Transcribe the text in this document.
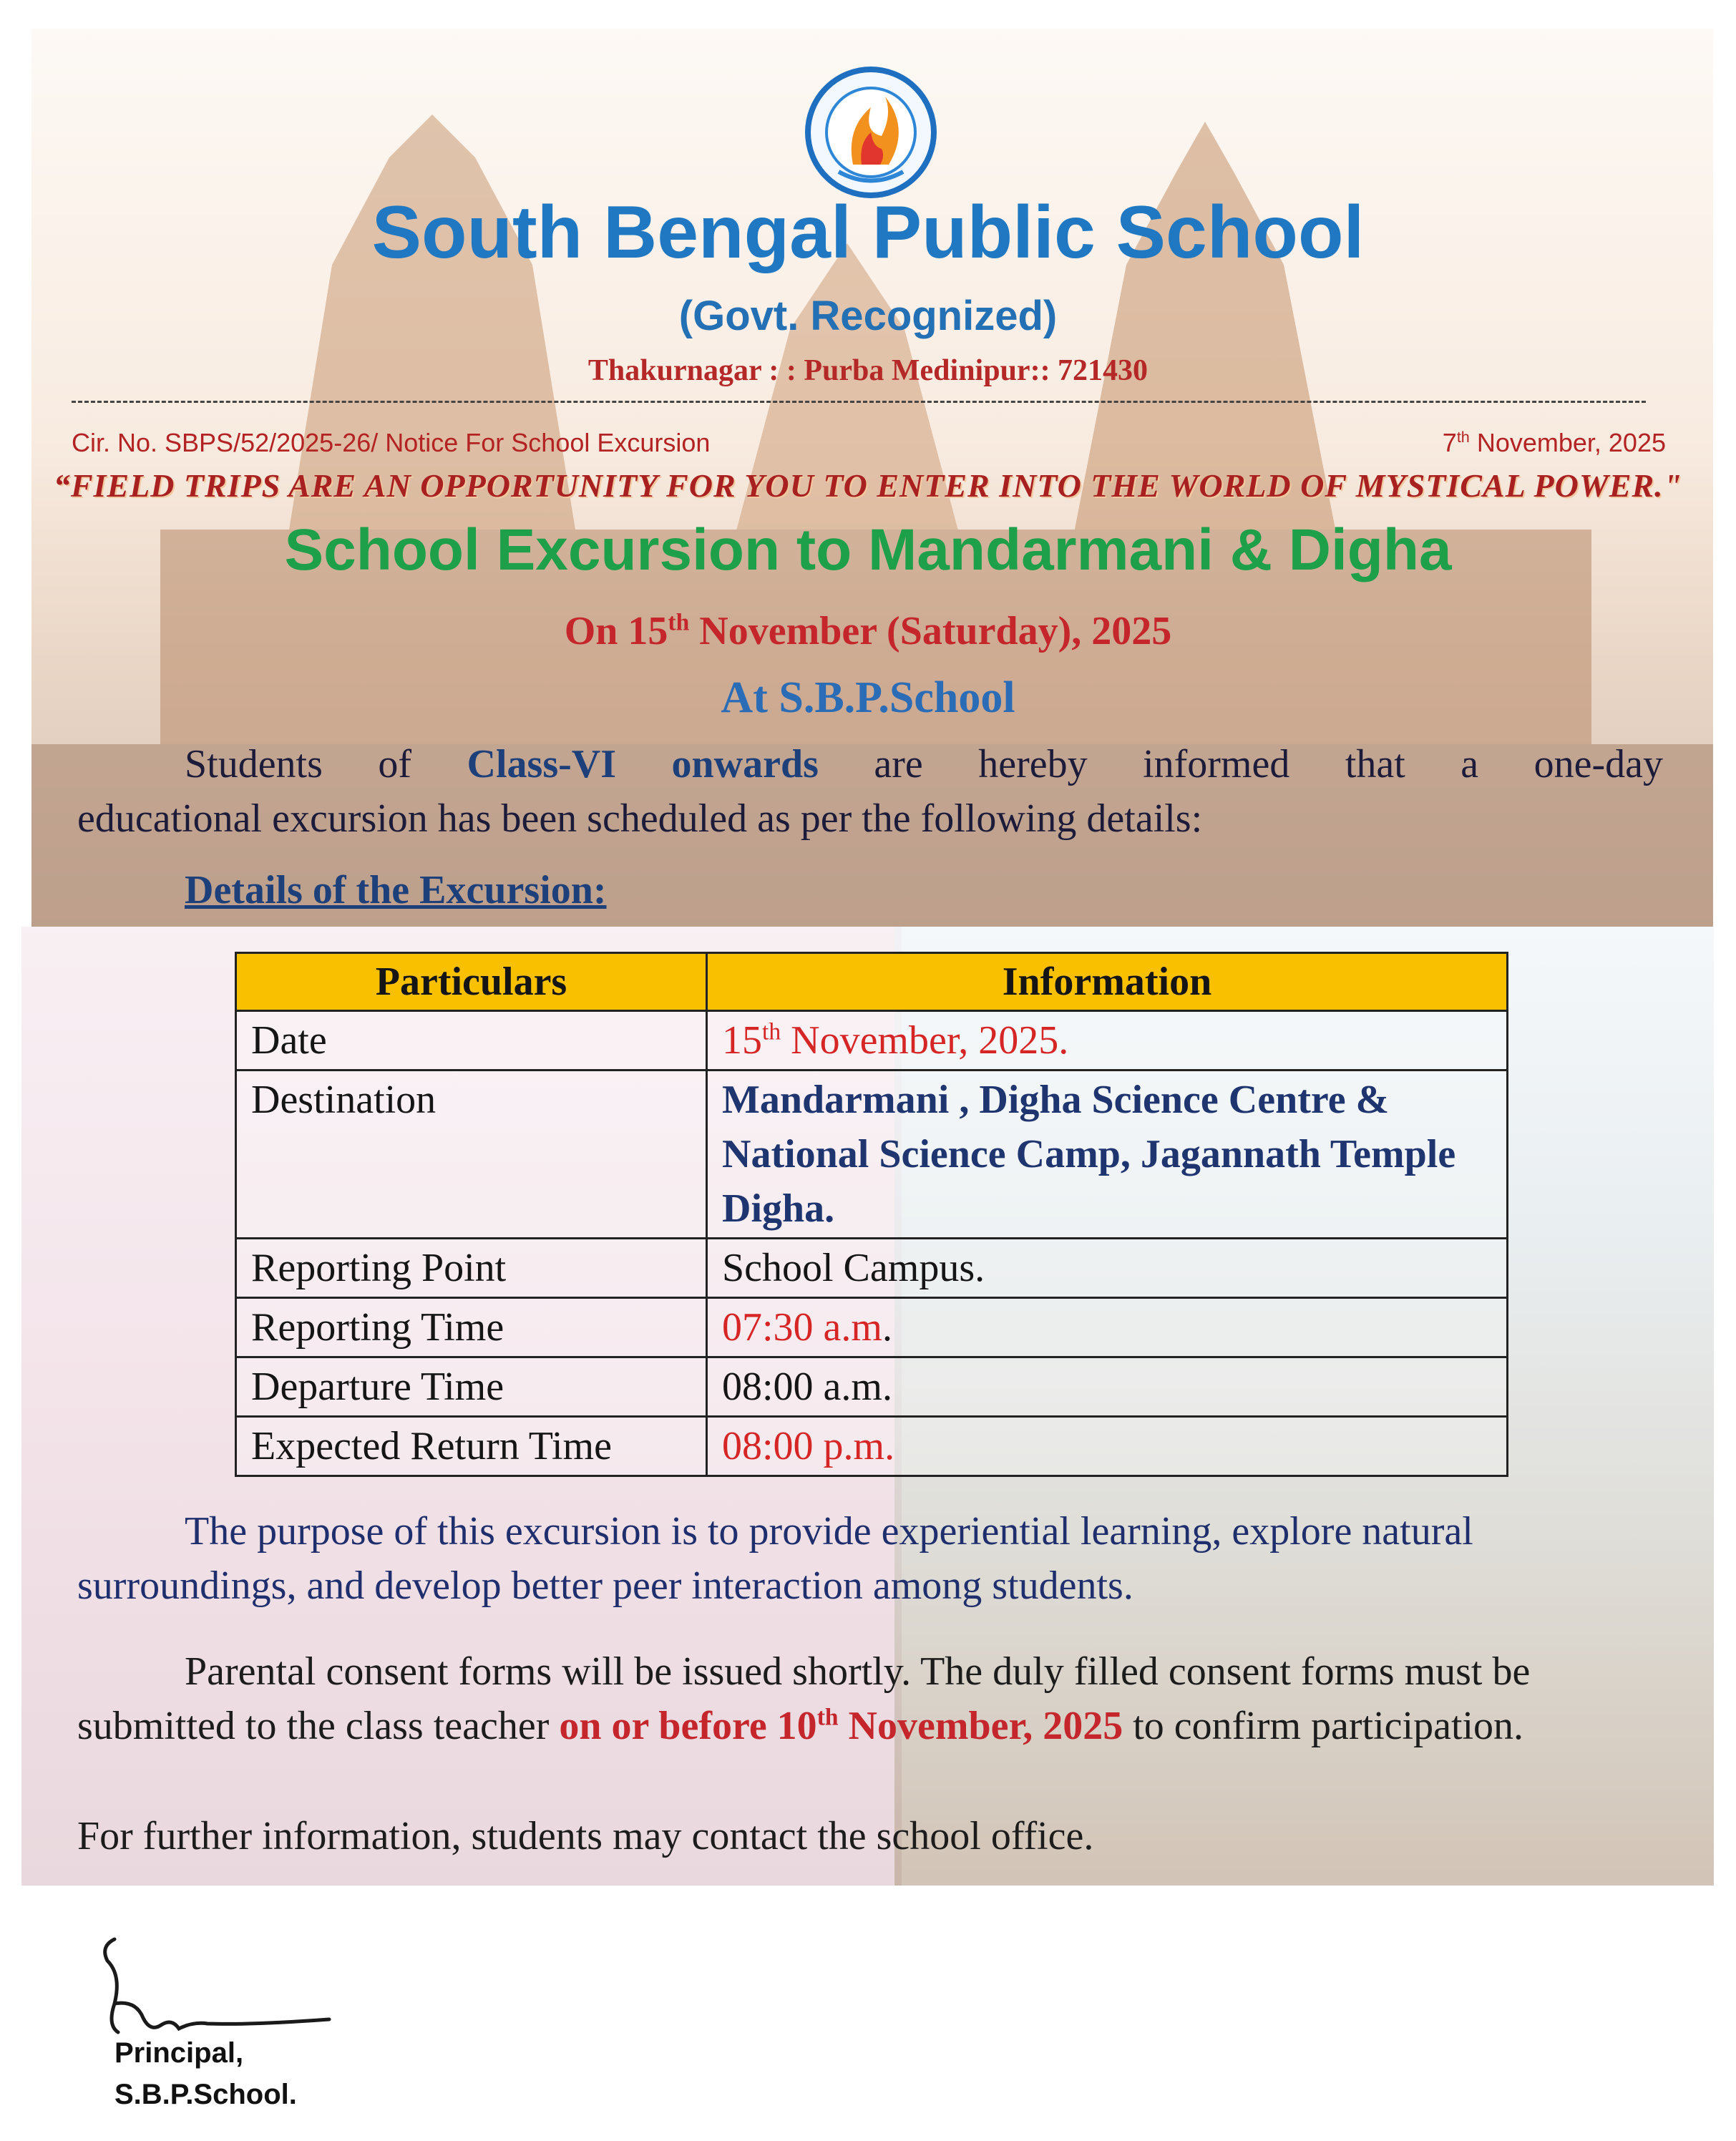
South Bengal Public School
(Govt. Recognized)
Thakurnagar : : Purba Medinipur:: 721430
Cir. No. SBPS/52/2025-26/ Notice For School Excursion	7th November, 2025
“FIELD TRIPS ARE AN OPPORTUNITY FOR YOU TO ENTER INTO THE WORLD OF MYSTICAL POWER."
School Excursion to Mandarmani & Digha
On 15th November (Saturday), 2025
At S.B.P.School
Students of Class-VI onwards are hereby informed that a one-day
educational excursion has been scheduled as per the following details:
Details of the Excursion:
Particulars	Information
Date	15th November, 2025.
Destination	Mandarmani , Digha Science Centre & National Science Camp, Jagannath Temple Digha.
Reporting Point	School Campus.
Reporting Time	07:30 a.m.
Departure Time	08:00 a.m.
Expected Return Time	08:00 p.m.
The purpose of this excursion is to provide experiential learning, explore natural surroundings, and develop better peer interaction among students.
Parental consent forms will be issued shortly. The duly filled consent forms must be submitted to the class teacher on or before 10th November, 2025 to confirm participation.
For further information, students may contact the school office.
Principal,
S.B.P.School.
